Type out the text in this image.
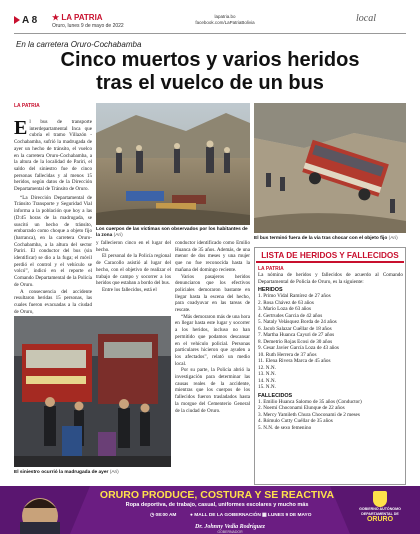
A 8 ★ LA PATRIA
Oruro, lunes 9 de mayo de 2022
lapatria.bo
facebook.com/LaPatriaBolivia	local
En la carretera Oruro-Cochabamba
Cinco muertos y varios heridos
tras el vuelco de un bus
LA PATRIA
El bus de transporte interdepartamental Inca que cubría el tramo Villazón - Cochabamba, sufrió la madrugada de ayer un hecho de tránsito, el vuelco en la carretera Oruro-Cochabamba, a la altura de la localidad de Pariri, el saldo del siniestro fue de cinco personas fallecidas y al menos 15 heridos, según datos de la Dirección Departamental de Tránsito de Oruro.

“La Dirección Departamental de Tránsito Transporte y Seguridad Vial informa a la población que hoy a las (D:45 horas de la madrugada, se suscitó un hecho de tránsito, embarrado como choque a objeto fijo (barranca), en la carretera Oruro-Cochabamba, a la altura del sector Pariri. El conductor del bus (sin identificar) se dio a la fuga; el móvil perdió el control y el vehículo se volcó”, indicó en el reporte el Comando Departamental de la Policía de Oruro.

A consecuencia del accidente resultaron heridas 15 personas, las cuales fueron evacuadas a la ciudad de Oruro,

Los cuerpos de las víctimas son observados por los habitantes de la zona (Ari)
El bus terminó fuera de la vía tras chocar con el objeto fijo (Ari)

y fallecieron cinco en el lugar del hecho.

El personal de la Policía regional de Caracollo asistió al lugar del hecho, con el objetivo de realizar el trabajo de campo y socorrer a los heridos que estaban a bordo del bus.

Entre los fallecidos, está el

conductor identificado como Emilio Huanca de 35 años. Además, de una menor de dos meses y una mujer que no fue reconocida hasta la mañana del domingo reciente.

Varios pasajeros heridos denunciaron que los efectivos policiales demoraron bastante en llegar hasta la escena del hecho, para coadyuvar en las tareas de rescate.

“Más demoraron más de una hora en llegar hasta este lugar y socorrer a los heridos, incluso no han permitido que podamos descansar en el vehículo policial. Personas particulares hicieron que ayuden a los afectados”, relató un medio local.

Por su parte, la Policía abrió la investigación para determinar las causas reales de la accidente, mientras que los cuerpos de los fallecidos fueron trasladados hasta la morgue del Cementerio General de la ciudad de Oruro.

El siniestro ocurrió la madrugada de ayer (Ari)
LISTA DE HERIDOS Y FALLECIDOS
LA PATRIA
La nómina de heridos y fallecidos de acuerdo al Comando Departamental de Policía de Oruro, es la siguiente:
HERIDOS
1. Primo Vidal Ramírez de 27 años
2. Rosa Chávez de 63 años
3. Mario Loza de 63 años
4. Gertrudes Garcia de 42 años
5. Nataly Velásquez Borda de 24 años
6. Jacob Salazar Cuéllar de 18 años
7. Martha Huanca Cayuri de 27 años
8. Demetrio Rojas Ecosi de 30 años
9. Cesar Javier García Loza de 43 años
10. Ruth Herrera de 37 años
11. Elena Rivera Marca de 45 años
12. N.N.
13. N.N.
14. N.N.
15. N.N.
FALLECIDOS
1. Emilio Huanca Salomo de 35 años (Conductor)
2. Noemí Choconami Elunque de 22 años
3. Mercy Yamileth Chura Choconami de 2 meses
4. Rómulo Cutty Cuéllar de 35 años
5. N.N. de sexo femenino
ORURO PRODUCE, COSTURA Y SE REACTIVA
Ropa deportiva, de trabajo, casual, uniformes escolares y mucho más
◷ 08:00 AM	● MALL DE LA GOBERNACIÓN ▦ LUNES 9 DE MAYO
Dr. Johnny Vedia Rodríguez
GOBERNADOR
GOBIERNO AUTÓNOMO
DEPARTAMENTAL DE
ORURO
